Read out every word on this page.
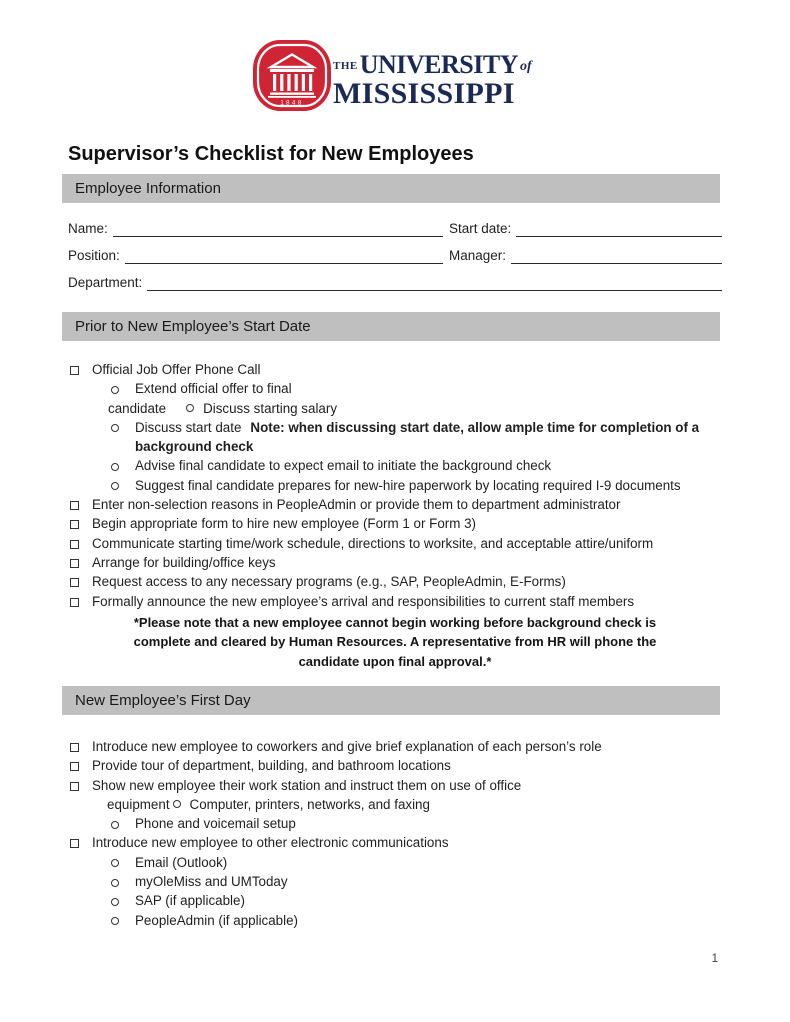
1848
THE UNIVERSITY of
MISSISSIPPI
Supervisor’s Checklist for New Employees
Employee Information
Name:	Start date:
Position:	Manager:
Department:
Prior to New Employee’s Start Date
Official Job Offer Phone Call
Extend official offer to final
candidate	Discuss starting salary
Discuss start date Note: when discussing start date, allow ample time for completion of a
background check
Advise final candidate to expect email to initiate the background check
Suggest final candidate prepares for new-hire paperwork by locating required I-9 documents
Enter non-selection reasons in PeopleAdmin or provide them to department administrator
Begin appropriate form to hire new employee (Form 1 or Form 3)
Communicate starting time/work schedule, directions to worksite, and acceptable attire/uniform
Arrange for building/office keys
Request access to any necessary programs (e.g., SAP, PeopleAdmin, E-Forms)
Formally announce the new employee’s arrival and responsibilities to current staff members
*Please note that a new employee cannot begin working before background check is
complete and cleared by Human Resources. A representative from HR will phone the
candidate upon final approval.*
New Employee’s First Day
Introduce new employee to coworkers and give brief explanation of each person’s role
Provide tour of department, building, and bathroom locations
Show new employee their work station and instruct them on use of office
equipment Computer, printers, networks, and faxing
Phone and voicemail setup
Introduce new employee to other electronic communications
Email (Outlook)
myOleMiss and UMToday
SAP (if applicable)
PeopleAdmin (if applicable)
1
